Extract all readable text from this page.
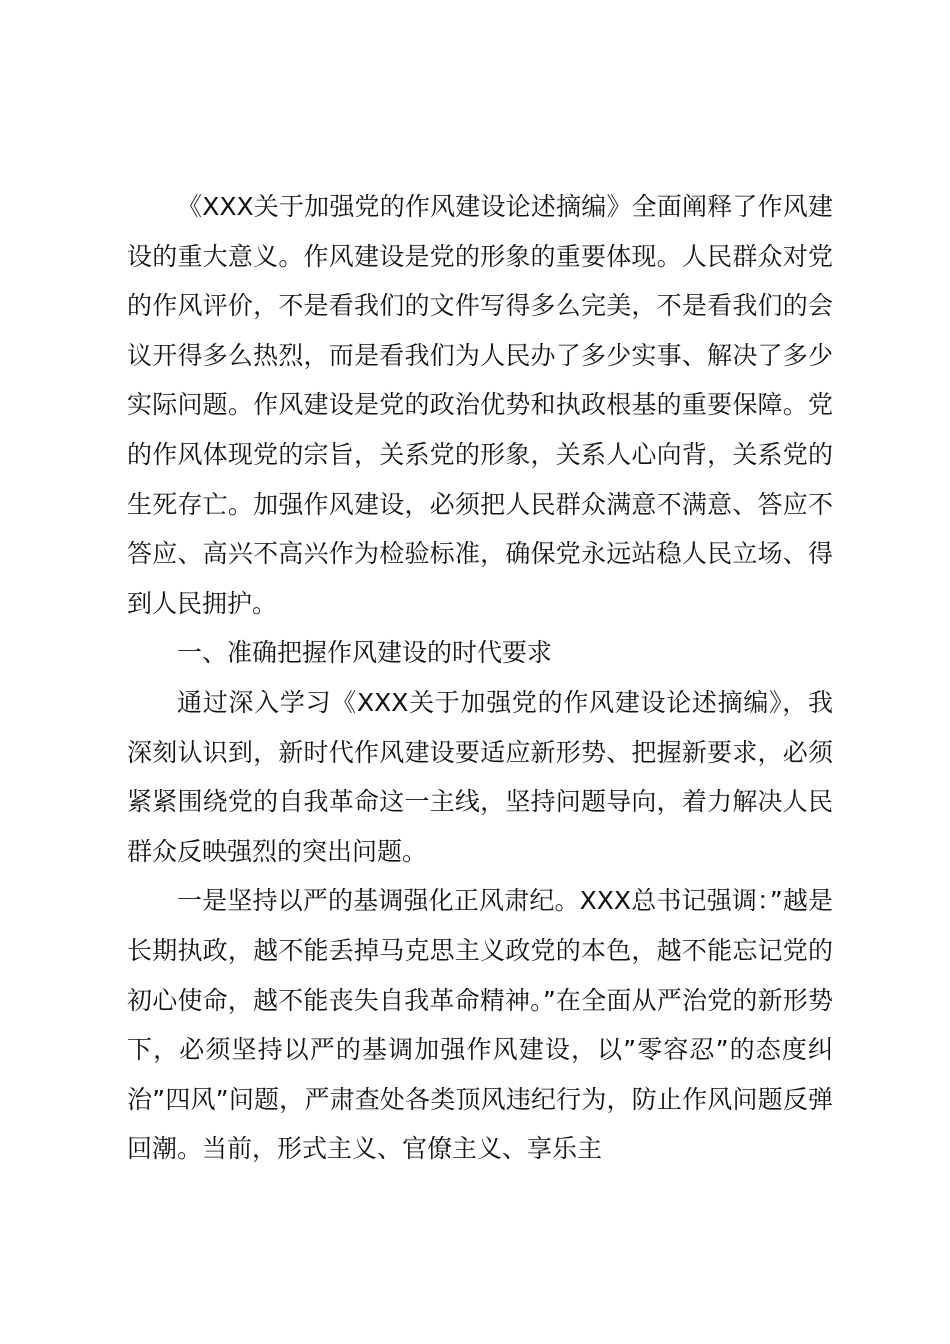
《XXX关于加强党的作风建设论述摘编》全面阐释了作风建设的重大意义。作风建设是党的形象的重要体现。人民群众对党的作风评价，不是看我们的文件写得多么完美，不是看我们的会议开得多么热烈，而是看我们为人民办了多少实事、解决了多少实际问题。作风建设是党的政治优势和执政根基的重要保障。党的作风体现党的宗旨，关系党的形象，关系人心向背，关系党的生死存亡。加强作风建设，必须把人民群众满意不满意、答应不答应、高兴不高兴作为检验标准，确保党永远站稳人民立场、得到人民拥护。

一、准确把握作风建设的时代要求

通过深入学习《XXX关于加强党的作风建设论述摘编》，我深刻认识到，新时代作风建设要适应新形势、把握新要求，必须紧紧围绕党的自我革命这一主线，坚持问题导向，着力解决人民群众反映强烈的突出问题。

一是坚持以严的基调强化正风肃纪。XXX总书记强调：”越是长期执政，越不能丢掉马克思主义政党的本色，越不能忘记党的初心使命，越不能丧失自我革命精神。”在全面从严治党的新形势下，必须坚持以严的基调加强作风建设，以”零容忍”的态度纠治”四风”问题，严肃查处各类顶风违纪行为，防止作风问题反弹回潮。当前，形式主义、官僚主义、享乐主
